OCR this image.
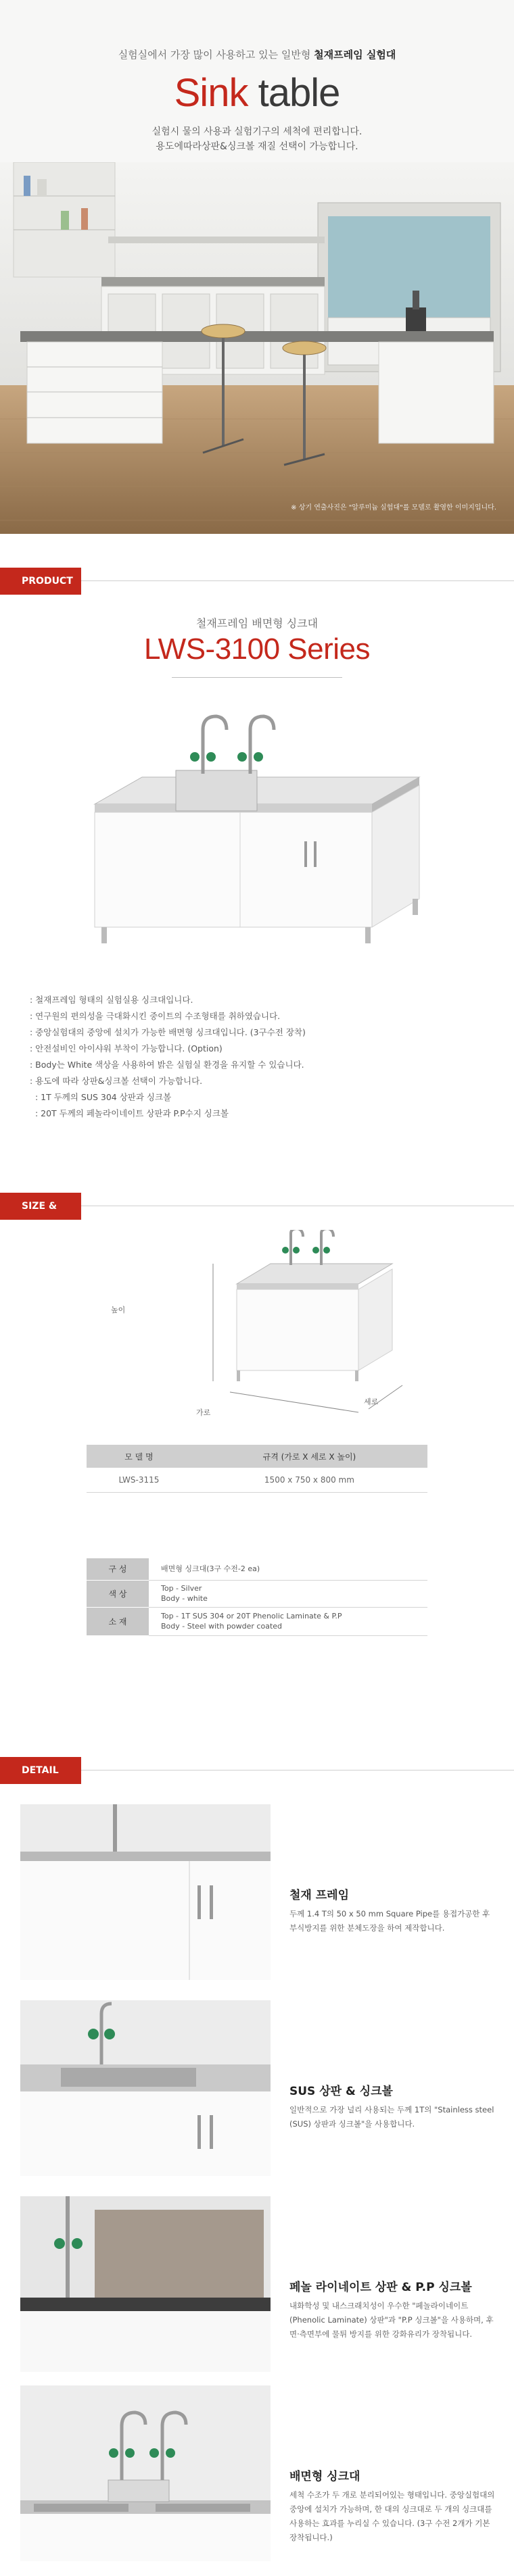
실험실에서 가장 많이 사용하고 있는 일반형 철재프레임 실험대
Sink table
실험시 물의 사용과 실험기구의 세척에 편리합니다.
용도에따라상판&싱크볼 재질 선택이 가능합니다.
※ 상기 연출사진은 "알루미늄 실험대"를 모델로 촬영한 이미지입니다.
PRODUCT
철재프레임 배면형 싱크대
LWS-3100 Series
: 철재프레임 형태의 실험실용 싱크대입니다.
: 연구원의 편의성을 극대화시킨 중이트의 수조형태를 취하였습니다.
: 중앙실험대의 중앙에 설치가 가능한 배면형 싱크대입니다. (3구수전 장착)
: 안전설비인 아이샤워 부착이 가능합니다. (Option)
: Body는 White 색상을 사용하여 밝은 실험실 환경을 유지할 수 있습니다.
: 용도에 따라 상판&싱크볼 선택이 가능합니다.
: 1T 두께의 SUS 304 상판과 싱크볼
: 20T 두께의 페놀라이네이트 상판과 P.P수지 싱크볼
SIZE & SPEC
높이
가로
세로
모 델 명	규격 (가로 X 세로 X 높이)
LWS-3115	1500 x 750 x 800 mm
구 성	배면형 싱크대(3구 수전-2 ea)

색 상	Top - Silver
Body - white

소 재	Top - 1T SUS 304 or 20T Phenolic Laminate & P.P
Body - Steel with powder coated
DETAIL
철재 프레임
두께 1.4 T의 50 x 50 mm Square Pipe를 용접가공한 후 부식방지를 위한 분체도장을 하여 제작합니다.
SUS 상판 & 싱크볼
일반적으로 가장 널리 사용되는 두께 1T의 "Stainless steel (SUS) 상판과 싱크볼"을 사용합니다.
페놀 라이네이트 상판 & P.P 싱크볼
내화학성 및 내스크래치성이 우수한 "페놀라이네이트 (Phenolic Laminate) 상판"과 "P.P 싱크볼"을 사용하며, 후면·측면부에 물튀 방지를 위한 강화유리가 장착됩니다.
배면형 싱크대
세척 수조가 두 개로 분리되어있는 형태입니다. 중앙실험대의 중앙에 설치가 가능하며, 한 대의 싱크대로 두 개의 싱크대를 사용하는 효과를 누리실 수 있습니다. (3구 수전 2개가 기본 장착됩니다.)
